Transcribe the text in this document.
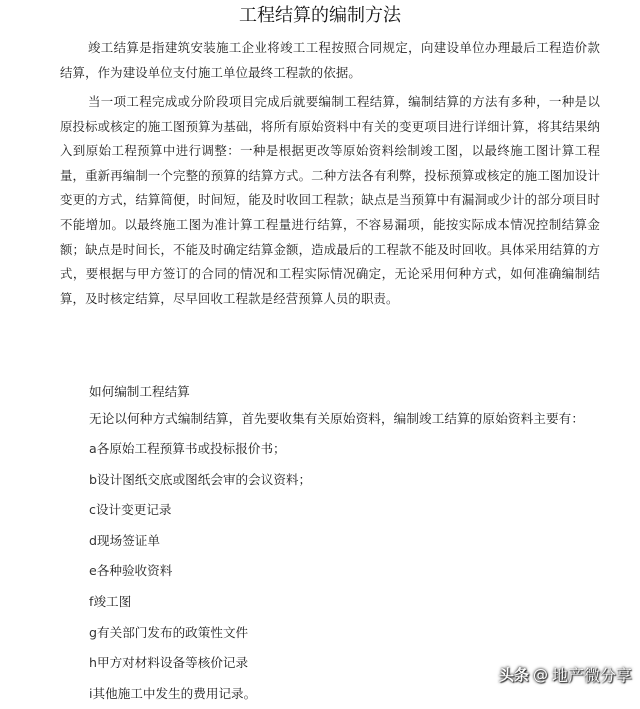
工程结算的编制方法
竣工结算是指建筑安装施工企业将竣工工程按照合同规定，向建设单位办理最后工程造价款结算，作为建设单位支付施工单位最终工程款的依据。
当一项工程完成或分阶段项目完成后就要编制工程结算，编制结算的方法有多种，一种是以原投标或核定的施工图预算为基础，将所有原始资料中有关的变更项目进行详细计算，将其结果纳入到原始工程预算中进行调整：一种是根据更改等原始资料绘制竣工图，以最终施工图计算工程量，重新再编制一个完整的预算的结算方式。二种方法各有利弊，投标预算或核定的施工图加设计变更的方式，结算简便，时间短，能及时收回工程款；缺点是当预算中有漏洞或少计的部分项目时不能增加。以最终施工图为准计算工程量进行结算，不容易漏项，能按实际成本情况控制结算金额；缺点是时间长，不能及时确定结算金额，造成最后的工程款不能及时回收。具体采用结算的方式，要根据与甲方签订的合同的情况和工程实际情况确定，无论采用何种方式，如何准确编制结算，及时核定结算，尽早回收工程款是经营预算人员的职责。
如何编制工程结算
无论以何种方式编制结算，首先要收集有关原始资料，编制竣工结算的原始资料主要有：
a各原始工程预算书或投标报价书；
b设计图纸交底或图纸会审的会议资料；
c设计变更记录
d现场签证单
e各种验收资料
f竣工图
g有关部门发布的政策性文件
h甲方对材料设备等核价记录
i其他施工中发生的费用记录。
头条 @ 地产微分享
